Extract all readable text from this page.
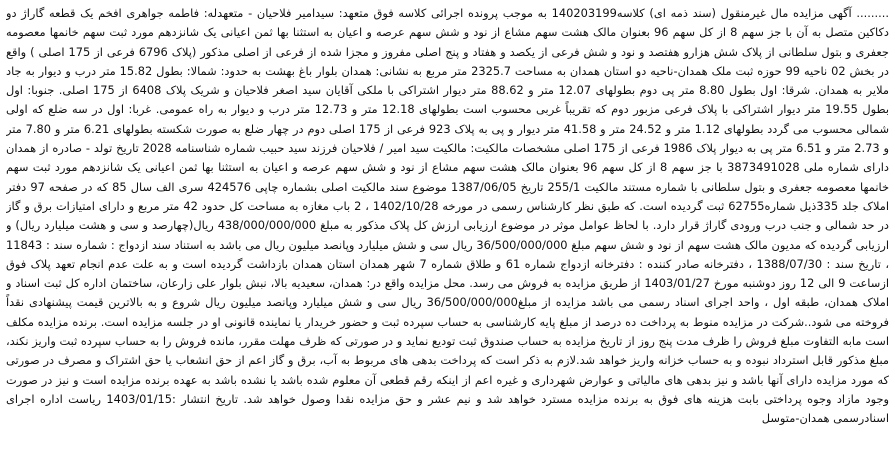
......... آگهی مزایده مال غیرمنقول (سند ذمه ای) کلاسه140203199 به موجب پرونده اجرائی کلاسه فوق متعهد: سیدامیر فلاحیان - متعهدله: فاطمه جواهری افخم یک قطعه گاراژ دو دکاکین متصل به آن با جز سهم 8 از کل سهم 96 بعنوان مالک هشت سهم مشاع از نود و شش سهم عرصه و اعیان به استثنا بها ثمن اعیانی یک شانزدهم مورد ثبت سهم خانمها معصومه جعفری و بتول سلطانی از پلاک شش هزارو هفتصد و نود و شش فرعی از یکصد و هفتاد و پنج اصلی مفروز و مجزا شده از فرعی از اصلی مذکور (پلاک 6796 فرعی از 175 اصلی ) واقع در بخش 02 ناحیه 99 حوزه ثبت ملک همدان-ناحیه دو استان همدان به مساحت 2325.7 متر مربع به نشانی: همدان بلوار باغ بهشت به حدود: شمالا: بطول 15.82 متر درب و دیوار به جاد ملایر به همدان. شرقا: اول بطول 8.80 متر پی دوم بطولهای 12.07 متر و 88.62 متر دیوار اشتراکی با ملکی آقایان سید اصغر فلاحیان و شریک پلاک 6408 از 175 اصلی. جنوبا: اول بطول 19.55 متر دیوار اشتراکی با پلاک فرعی مزبور دوم که تقریباً غربی محسوب است بطولهای 12.18 متر و 12.73 متر درب و دیوار به راه عمومی. غربا: اول در سه ضلع که اولی شمالی محسوب می گردد بطولهای 1.12 متر و 24.52 متر و 41.58 متر دیوار و پی به پلاک 923 فرعی از 175 اصلی دوم در چهار ضلع به صورت شکسته بطولهای 6.21 متر و 7.80 متر و 2.73 متر و 6.51 متر پی به دیوار پلاک 1986 فرعی از 175 اصلی مشخصات مالکیت: مالکیت سید امیر / فلاحیان فرزند سید حبیب شماره شناسنامه 2028 تاریخ تولد - صادره از همدان دارای شماره ملی 3873491028 با جز سهم 8 از کل سهم 96 بعنوان مالک هشت سهم مشاع از نود و شش سهم عرصه و اعیان به استثنا بها ثمن اعیانی یک شانزدهم مورد ثبت سهم خانمها معصومه جعفری و بتول سلطانی با شماره مستند مالکیت 255/1 تاریخ 1387/06/05 موضوع سند مالکیت اصلی بشماره چاپی 424576 سری الف سال 85 که در صفحه 97 دفتر املاک جلد 335ذیل شماره62755 ثبت گردیده است. که طبق نظر کارشناس رسمی در مورخه 1402/10/28 ، 2 باب مغازه به مساحت کل حدود 42 متر مربع و دارای امتیازات برق و گاز در حد شمالی و جنب درب ورودی گاراژ قرار دارد. با لحاظ عوامل موثر در موضوع ارزیابی ارزش کل پلاک مذکور به مبلغ 438/000/000/000 ریال(چهارصد و سی و هشت میلیارد ریال) و ارزیابی گردیده که مدیون مالک هشت سهم از نود و شش سهم مبلغ 36/500/000/000 ریال سی و شش میلیارد وپانصد میلیون ریال می باشد به استناد سند ازدواج : شماره سند : 11843 ، تاریخ سند : 1388/07/30 ، دفترخانه صادر کننده : دفترخانه ازدواج شماره 61 و طلاق شماره 7 شهر همدان استان همدان بازداشت گردیده است و به علت عدم انجام تعهد پلاک فوق ازساعت 9 الی 12 روز دوشنبه مورخ 1403/01/27 از طریق مزایده به فروش می رسد. محل مزایده واقع در: همدان، سعیدیه بالا، نبش بلوار علی زارعان، ساختمان اداره کل ثبت اسناد و املاک همدان، طبقه اول ، واحد اجرای اسناد رسمی می باشد مزایده از مبلغ36/500/000/000 ریال سی و شش میلیارد وپانصد میلیون ریال شروع و به بالاترین قیمت پیشنهادی نقداً فروخته می شود..شرکت در مزایده منوط به پرداخت ده درصد از مبلغ پایه کارشناسی به حساب سپرده ثبت و حضور خریدار یا نماینده قانونی او در جلسه مزایده است. برنده مزایده مکلف است مابه التفاوت مبلغ فروش را ظرف مدت پنج روز از تاریخ مزایده به حساب صندوق ثبت تودیع نماید و در صورتی که ظرف مهلت مقرر، مانده فروش را به حساب سپرده ثبت واریز نکند، مبلغ مذکور قابل استرداد نبوده و به حساب خزانه واریز خواهد شد.لازم به ذکر است که پرداخت بدهی های مربوط به آب، برق و گاز اعم از حق انشعاب یا حق اشتراک و مصرف در صورتی که مورد مزایده دارای آنها باشد و نیز بدهی های مالیاتی و عوارض شهرداری و غیره اعم از اینکه رقم قطعی آن معلوم شده باشد یا نشده باشد به عهده برنده مزایده است و نیز در صورت وجود مازاد وجوه پرداختی بابت هزینه های فوق به برنده مزایده مسترد خواهد شد و نیم عشر و حق مزایده نقدا وصول خواهد شد. تاریخ انتشار :1403/01/15 ریاست اداره اجرای اسنادرسمی همدان-متوسل
